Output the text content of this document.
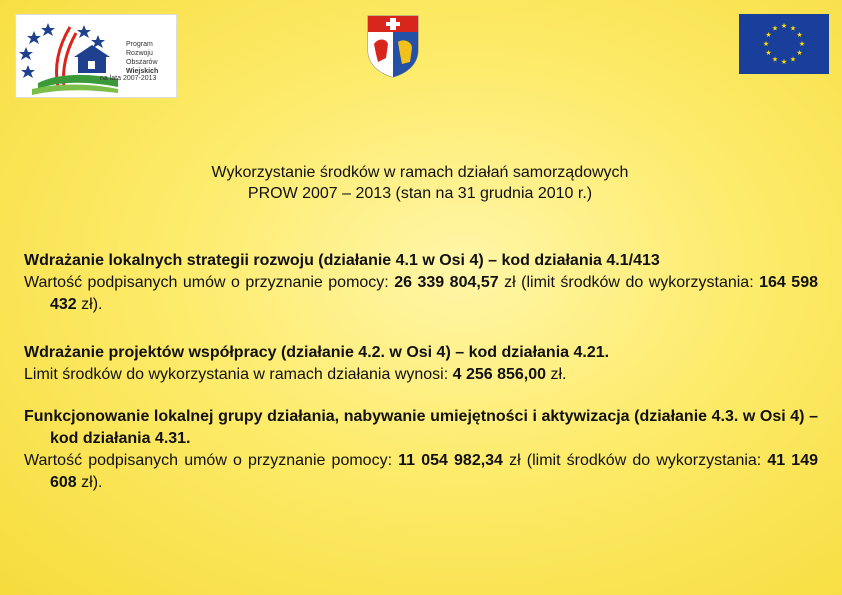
Program
Rozwoju
Obszarów
Wiejskich
na lata 2007-2013
★ ★
★
★
★
★
★
★
★
★
★
★
Wykorzystanie środków w ramach działań samorządowych
PROW 2007 – 2013 (stan na 31 grudnia 2010 r.)

Wdrażanie lokalnych strategii rozwoju (działanie 4.1 w Osi 4) – kod działania 4.1/413

Wartość podpisanych umów o przyznanie pomocy: 26 339 804,57 zł (limit środków do wykorzystania: 164 598 432 zł).

Wdrażanie projektów współpracy (działanie 4.2. w Osi 4) – kod działania 4.21.

Limit środków do wykorzystania w ramach działania wynosi: 4 256 856,00 zł.

Funkcjonowanie lokalnej grupy działania, nabywanie umiejętności i aktywizacja (działanie 4.3. w Osi 4) – kod działania 4.31.

Wartość podpisanych umów o przyznanie pomocy: 11 054 982,34 zł (limit środków do wykorzystania: 41 149 608 zł).
